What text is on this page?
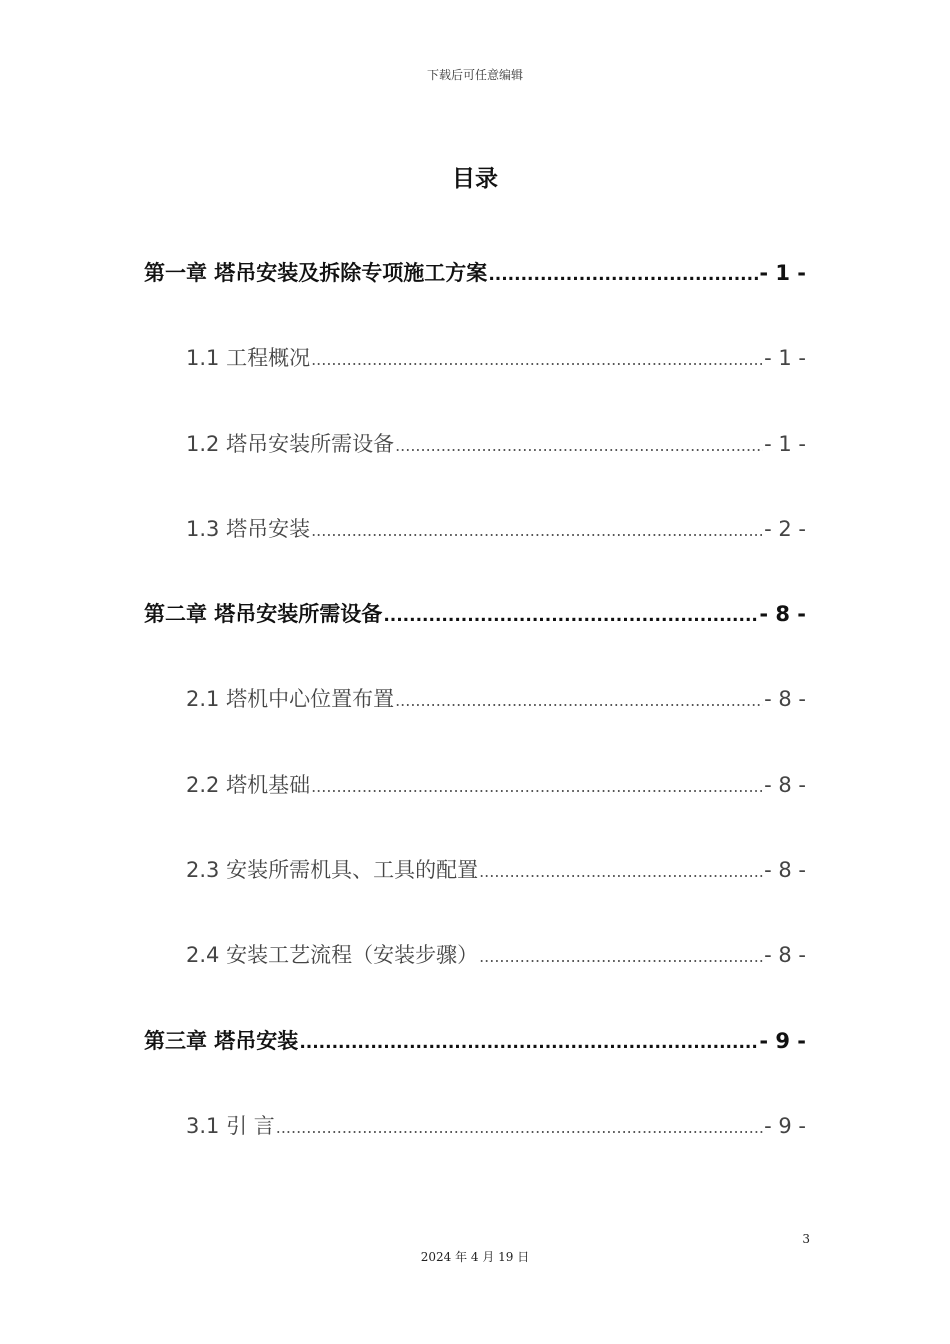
下载后可任意编辑
目录
第一章 塔吊安装及拆除专项施工方案 .....	- 1 -
1.1 工程概况 .....	- 1 -
1.2 塔吊安装所需设备 .....	- 1 -
1.3 塔吊安装 .....	- 2 -
第二章 塔吊安装所需设备 .....	- 8 -
2.1 塔机中心位置布置 .....	- 8 -
2.2 塔机基础 .....	- 8 -
2.3 安装所需机具、工具的配置 .....	- 8 -
2.4 安装工艺流程（安装步骤） .....	- 8 -
第三章 塔吊安装 .....	- 9 -
3.1 引 言 .....	- 9 -
3
2024 年 4 月 19 日
